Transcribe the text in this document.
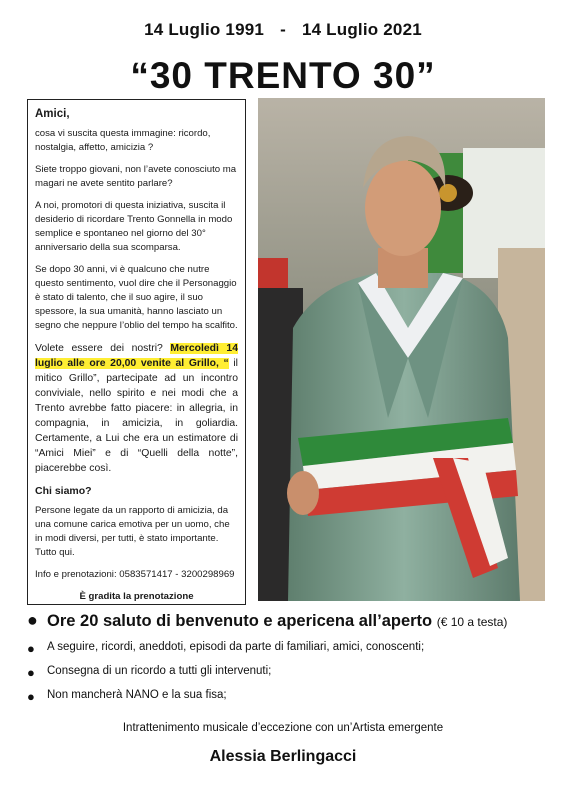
14 Luglio 1991 - 14 Luglio 2021
“30 TRENTO 30”

Amici,

cosa vi suscita questa immagine: ricordo, nostalgia, affetto, amicizia ?

Siete troppo giovani, non l’avete conosciuto ma magari ne avete sentito parlare?

A noi, promotori di questa iniziativa, suscita il desiderio di ricordare Trento Gonnella in modo semplice e spontaneo nel giorno del 30° anniversario della sua scomparsa.

Se dopo 30 anni, vi è qualcuno che nutre questo sentimento, vuol dire che il Personaggio è stato di talento, che il suo agire, il suo spessore, la sua umanità, hanno lasciato un segno che neppure l’oblio del tempo ha scalfito.

Volete essere dei nostri? Mercoledì 14 luglio alle ore 20,00 venite al Grillo, “ il mitico Grillo”, partecipate ad un incontro conviviale, nello spirito e nei modi che a Trento avrebbe fatto piacere: in allegria, in compagnia, in amicizia, in goliardia. Certamente, a Lui che era un estimatore di “Amici Miei” e di “Quelli della notte”, piacerebbe così.

Chi siamo?

Persone legate da un rapporto di amicizia, da una comune carica emotiva per un uomo, che in modi diversi, per tutti, è stato importante. Tutto qui.

Info e prenotazioni: 0583571417 - 3200298969

È gradita la prenotazione

● Ore 20 saluto di benvenuto e apericena all’aperto (€ 10 a testa)
● A seguire, ricordi, aneddoti, episodi da parte di familiari, amici, conoscenti;
● Consegna di un ricordo a tutti gli intervenuti;
● Non mancherà NANO e la sua fisa;
Intrattenimento musicale d’eccezione con un’Artista emergente
Alessia Berlingacci
